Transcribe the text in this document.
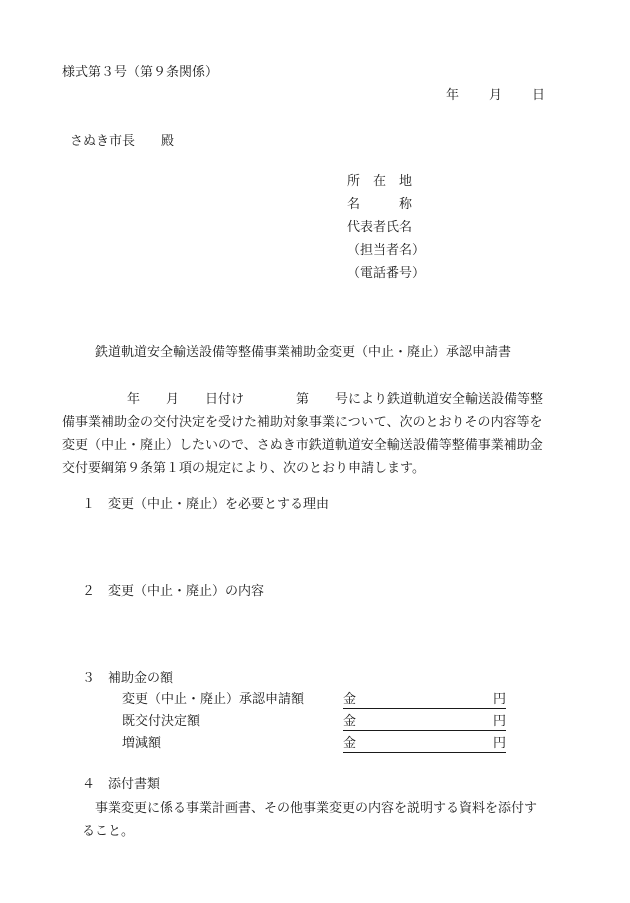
様式第３号（第９条関係）
年 月 日
さぬき市長　　殿
所　在　地
名　　　称
代表者氏名
（担当者名）
（電話番号）
鉄道軌道安全輸送設備等整備事業補助金変更（中止・廃止）承認申請書
　　　　　年　　月　　日付け　　　　第　　号により鉄道軌道安全輸送設備等整
備事業補助金の交付決定を受けた補助対象事業について、次のとおりその内容等を
変更（中止・廃止）したいので、さぬき市鉄道軌道安全輸送設備等整備事業補助金
交付要綱第９条第１項の規定により、次のとおり申請します。
１　変更（中止・廃止）を必要とする理由
２　変更（中止・廃止）の内容
３　補助金の額
変更（中止・廃止）承認申請額	金	円
既交付決定額	金	円
増減額	金	円
４　添付書類
　事業変更に係る事業計画書、その他事業変更の内容を説明する資料を添付す
ること。
